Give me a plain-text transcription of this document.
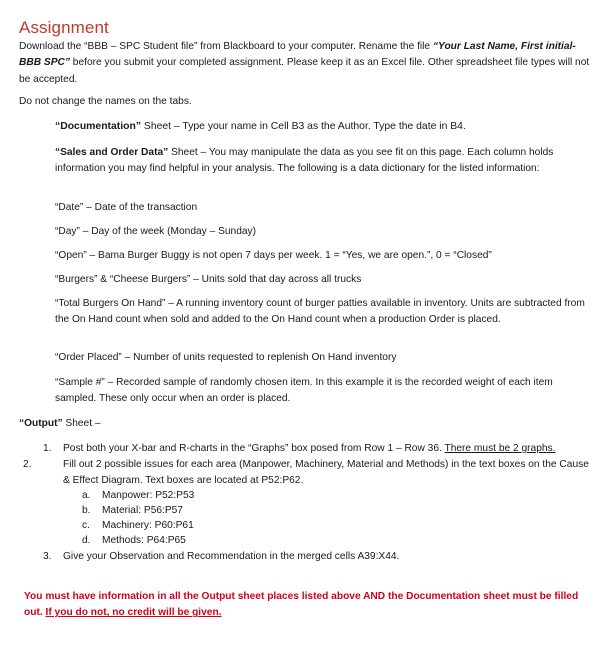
Assignment

Download the “BBB – SPC Student file” from Blackboard to your computer. Rename the file “Your Last Name, First initial-BBB SPC” before you submit your completed assignment. Please keep it as an Excel file. Other spreadsheet file types will not be accepted.

Do not change the names on the tabs.

“Documentation” Sheet – Type your name in Cell B3 as the Author. Type the date in B4.

“Sales and Order Data” Sheet – You may manipulate the data as you see fit on this page. Each column holds information you may find helpful in your analysis. The following is a data dictionary for the listed information:

“Date” – Date of the transaction

“Day” – Day of the week (Monday – Sunday)

“Open” – Bama Burger Buggy is not open 7 days per week. 1 = “Yes, we are open.”, 0 = “Closed”

“Burgers” & “Cheese Burgers” – Units sold that day across all trucks

“Total Burgers On Hand” – A running inventory count of burger patties available in inventory. Units are subtracted from the On Hand count when sold and added to the On Hand count when a production Order is placed.

“Order Placed” – Number of units requested to replenish On Hand inventory

“Sample #” – Recorded sample of randomly chosen item. In this example it is the recorded weight of each item sampled. These only occur when an order is placed.

“Output” Sheet –

1. Post both your X-bar and R-charts in the “Graphs” box posed from Row 1 – Row 36. There must be 2 graphs.

2.	Fill out 2 possible issues for each area (Manpower, Machinery, Material and Methods) in the text boxes on the Cause & Effect Diagram. Text boxes are located at P52:P62.

a. Manpower: P52:P53

b. Material: P56:P57

c. Machinery: P60:P61

d. Methods: P64:P65

3. Give your Observation and Recommendation in the merged cells A39:X44.

You must have information in all the Output sheet places listed above AND the Documentation sheet must be filled out. If you do not, no credit will be given.
